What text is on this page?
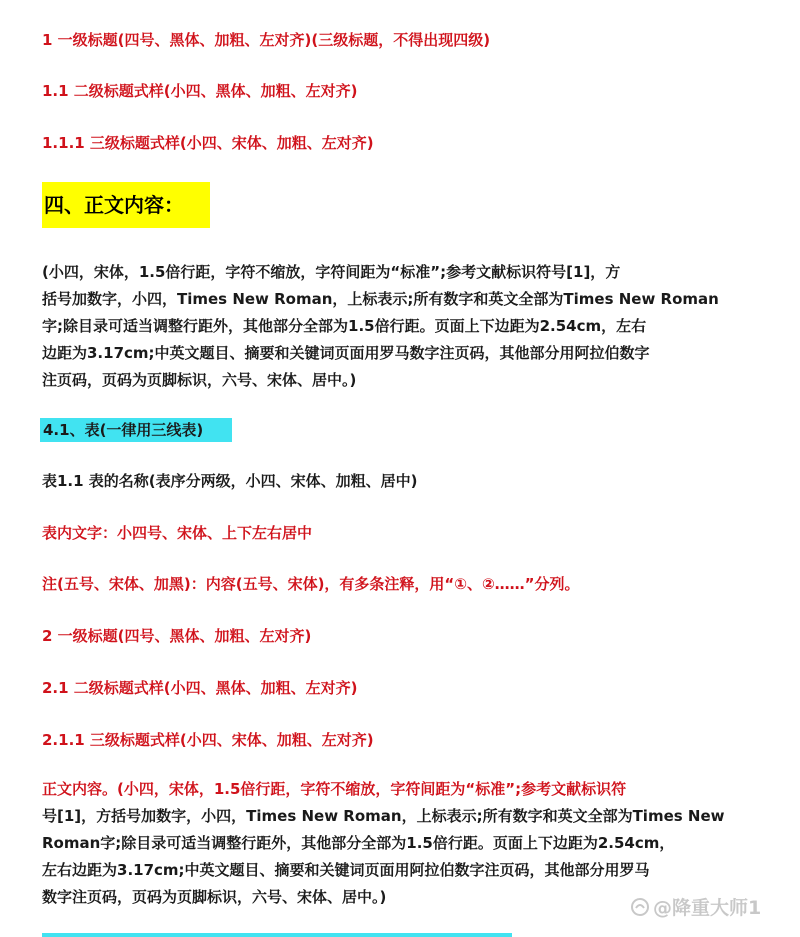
1 一级标题(四号、黑体、加粗、左对齐)(三级标题，不得出现四级)

1.1 二级标题式样(小四、黑体、加粗、左对齐)

1.1.1 三级标题式样(小四、宋体、加粗、左对齐)

四、正文内容：
(小四，宋体，1.5倍行距，字符不缩放，字符间距为“标准”;参考文献标识符号[1]，方
括号加数字，小四，Times New Roman，上标表示;所有数字和英文全部为Times New Roman
字;除目录可适当调整行距外，其他部分全部为1.5倍行距。页面上下边距为2.54cm，左右
边距为3.17cm;中英文题目、摘要和关键词页面用罗马数字注页码，其他部分用阿拉伯数字
注页码，页码为页脚标识，六号、宋体、居中。)
4.1、表(一律用三线表)

表1.1 表的名称(表序分两级，小四、宋体、加粗、居中)

表内文字：小四号、宋体、上下左右居中

注(五号、宋体、加黑)：内容(五号、宋体)，有多条注释，用“①、②……”分列。

2 一级标题(四号、黑体、加粗、左对齐)

2.1 二级标题式样(小四、黑体、加粗、左对齐)

2.1.1 三级标题式样(小四、宋体、加粗、左对齐)

正文内容。(小四，宋体，1.5倍行距，字符不缩放，字符间距为“标准”;参考文献标识符
号[1]，方括号加数字，小四，Times New Roman，上标表示;所有数字和英文全部为Times New
Roman字;除目录可适当调整行距外，其他部分全部为1.5倍行距。页面上下边距为2.54cm，
左右边距为3.17cm;中英文题目、摘要和关键词页面用阿拉伯数字注页码，其他部分用罗马
数字注页码，页码为页脚标识，六号、宋体、居中。)	@降重大师1
